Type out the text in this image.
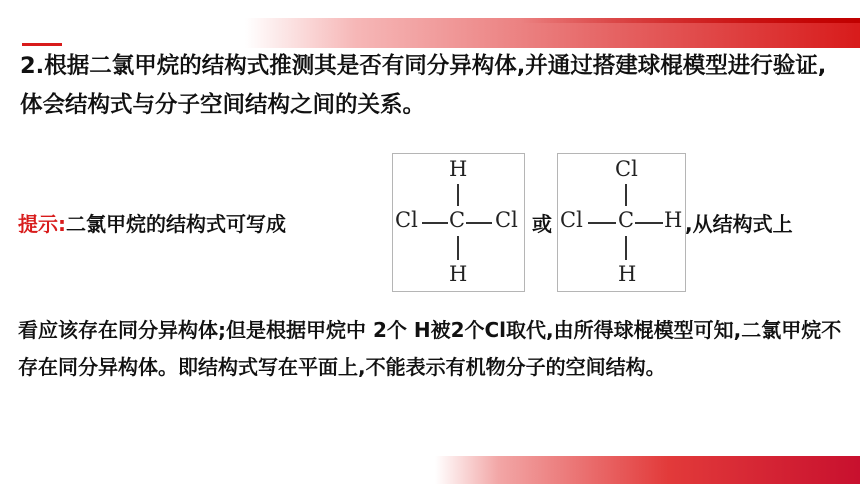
2.根据二氯甲烷的结构式推测其是否有同分异构体,并通过搭建球棍模型进行验证,体会结构式与分子空间结构之间的关系。
提示:二氯甲烷的结构式可写成
H
Cl C Cl
H
或
Cl
Cl C H
H
,从结构式上
看应该存在同分异构体;但是根据甲烷中 2个 H被2个Cl取代,由所得球棍模型可知,二氯甲烷不存在同分异构体。即结构式写在平面上,不能表示有机物分子的空间结构。
